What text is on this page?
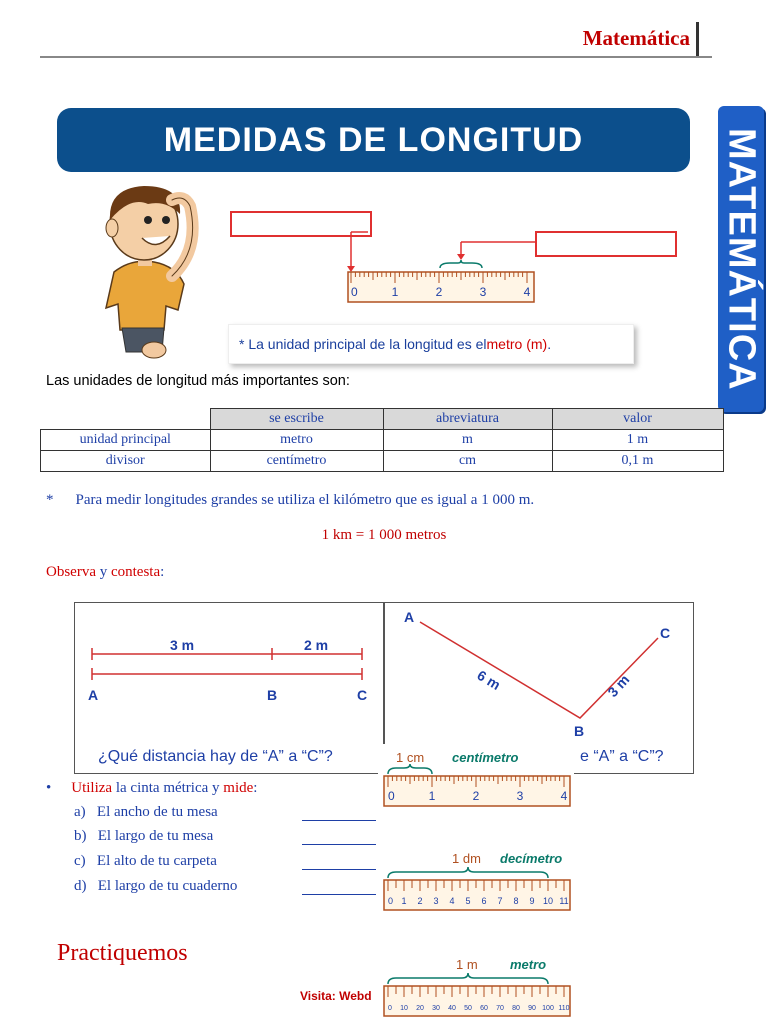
Matemática
MATEMÁTICA
MEDIDAS DE LONGITUD
0	1	2	3	4
* La unidad principal de la longitud es el metro (m) .
Las unidades de longitud más importantes son:
	se escribe	abreviatura	valor
unidad principal	metro	m	1 m
divisor	centímetro	cm	0,1 m
* Para medir longitudes grandes se utiliza el kilómetro que es igual a 1 000 m.
1 km = 1 000 metros
Observa y contesta:
3 m	2 m
A	B	C
¿Qué distancia hay de “A” a “C”?
A
B
C
6 m	3 m
e “A” a “C”?
1 cm centímetro
0	1	2	3	4
• Utiliza la cinta métrica y mide:
a) El ancho de tu mesa
b) El largo de tu mesa
c) El alto de tu carpeta
d) El largo de tu cuaderno
1 dm decímetro
0 1 2 3 4 5 6 7 8 9 10 11
Practiquemos	1 m metro
0 10 20 30 40 50 60 70 80 90 100 110
Visita: Webd
